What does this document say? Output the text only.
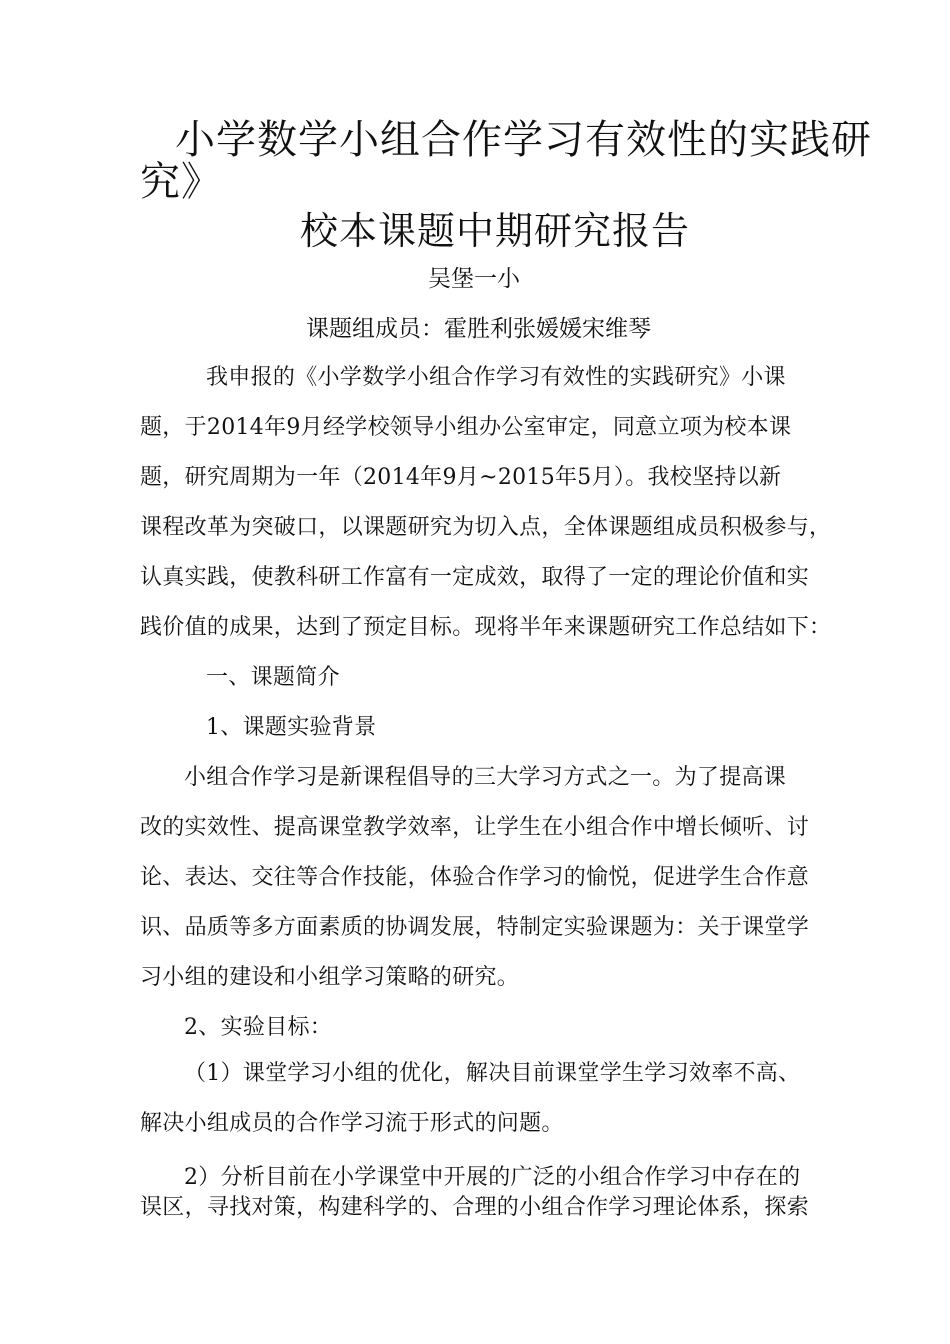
小学数学小组合作学习有效性的实践研
究》
校本课题中期研究报告
吴堡一小
课题组成员：霍胜利张媛媛宋维琴
我申报的《小学数学小组合作学习有效性的实践研究》小课
题，于2014年9月经学校领导小组办公室审定，同意立项为校本课
题，研究周期为一年（2014年9月~2015年5月）。我校坚持以新
课程改革为突破口，以课题研究为切入点，全体课题组成员积极参与，
认真实践，使教科研工作富有一定成效，取得了一定的理论价值和实
践价值的成果，达到了预定目标。现将半年来课题研究工作总结如下：
一、课题简介
1、课题实验背景
小组合作学习是新课程倡导的三大学习方式之一。为了提高课
改的实效性、提高课堂教学效率，让学生在小组合作中增长倾听、讨
论、表达、交往等合作技能，体验合作学习的愉悦，促进学生合作意
识、品质等多方面素质的协调发展，特制定实验课题为：关于课堂学
习小组的建设和小组学习策略的研究。
2、实验目标：
（1）课堂学习小组的优化，解决目前课堂学生学习效率不高、
解决小组成员的合作学习流于形式的问题。
2）分析目前在小学课堂中开展的广泛的小组合作学习中存在的
误区，寻找对策，构建科学的、合理的小组合作学习理论体系，探索
